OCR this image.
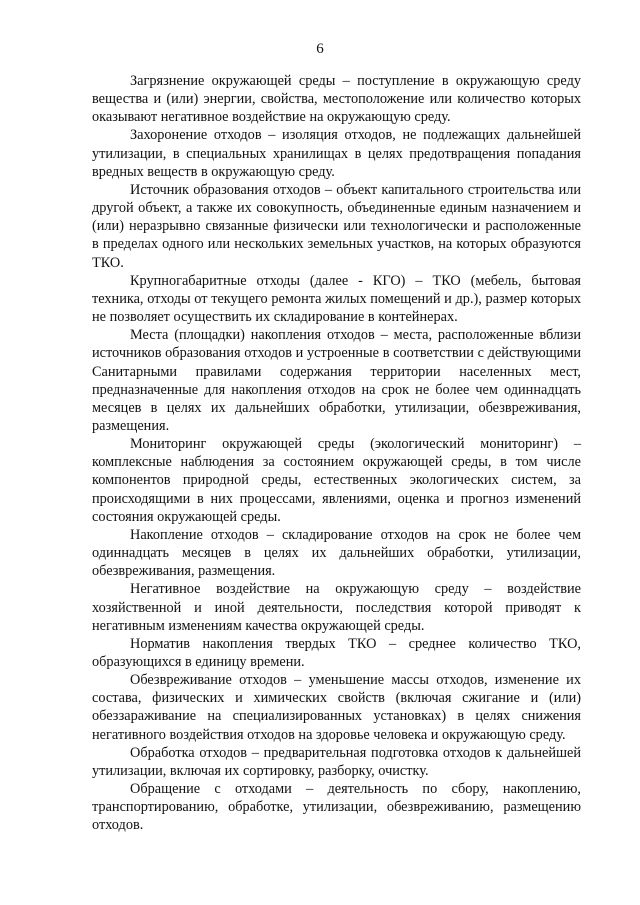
6

Загрязнение окружающей среды – поступление в окружающую среду вещества и (или) энергии, свойства, местоположение или количество которых оказывают негативное воздействие на окружающую среду.

Захоронение отходов – изоляция отходов, не подлежащих дальнейшей утилизации, в специальных хранилищах в целях предотвращения попадания вредных веществ в окружающую среду.

Источник образования отходов – объект капитального строительства или другой объект, а также их совокупность, объединенные единым назначением и (или) неразрывно связанные физически или технологически и расположенные в пределах одного или нескольких земельных участков, на которых образуются ТКО.

Крупногабаритные отходы (далее - КГО) – ТКО (мебель, бытовая техника, отходы от текущего ремонта жилых помещений и др.), размер которых не позволяет осуществить их складирование в контейнерах.

Места (площадки) накопления отходов – места, расположенные вблизи источников образования отходов и устроенные в соответствии с действующими Санитарными правилами содержания территории населенных мест, предназначенные для накопления отходов на срок не более чем одиннадцать месяцев в целях их дальнейших обработки, утилизации, обезвреживания, размещения.

Мониторинг окружающей среды (экологический мониторинг) – комплексные наблюдения за состоянием окружающей среды, в том числе компонентов природной среды, естественных экологических систем, за происходящими в них процессами, явлениями, оценка и прогноз изменений состояния окружающей среды.

Накопление отходов – складирование отходов на срок не более чем одиннадцать месяцев в целях их дальнейших обработки, утилизации, обезвреживания, размещения.

Негативное воздействие на окружающую среду – воздействие хозяйственной и иной деятельности, последствия которой приводят к негативным изменениям качества окружающей среды.

Норматив накопления твердых ТКО – среднее количество ТКО, образующихся в единицу времени.

Обезвреживание отходов – уменьшение массы отходов, изменение их состава, физических и химических свойств (включая сжигание и (или) обеззараживание на специализированных установках) в целях снижения негативного воздействия отходов на здоровье человека и окружающую среду.

Обработка отходов – предварительная подготовка отходов к дальнейшей утилизации, включая их сортировку, разборку, очистку.

Обращение с отходами – деятельность по сбору, накоплению, транспортированию, обработке, утилизации, обезвреживанию, размещению отходов.
